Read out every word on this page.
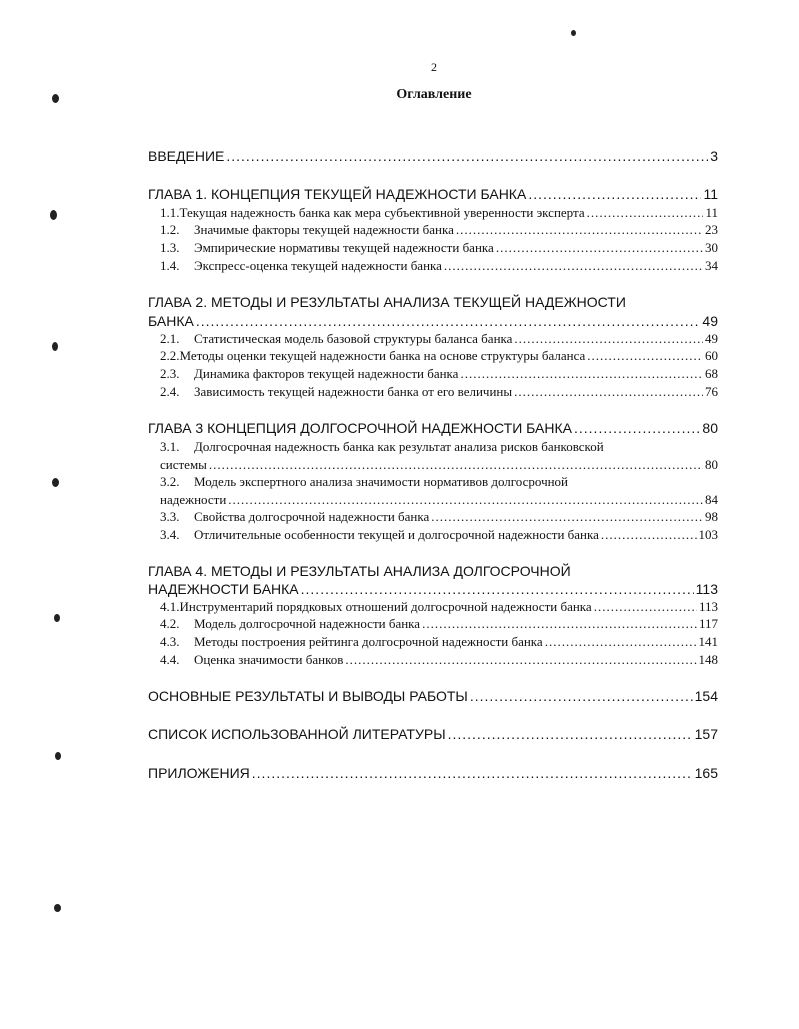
2
Оглавление
ВВЕДЕНИЕ .....	3
ГЛАВА 1. КОНЦЕПЦИЯ ТЕКУЩЕЙ НАДЕЖНОСТИ БАНКА .....	11
1.1.Текущая надежность банка как мера субъективной уверенности эксперта .....	11
1.2. Значимые факторы текущей надежности банка .....	23
1.3. Эмпирические нормативы текущей надежности банка .....	30
1.4. Экспресс-оценка текущей надежности банка .....	34
ГЛАВА 2. МЕТОДЫ И РЕЗУЛЬТАТЫ АНАЛИЗА ТЕКУЩЕЙ НАДЕЖНОСТИ
БАНКА .....	49
2.1. Статистическая модель базовой структуры баланса банка .....	49
2.2.Методы оценки текущей надежности банка на основе структуры баланса .....	60
2.3. Динамика факторов текущей надежности банка .....	68
2.4. Зависимость текущей надежности банка от его величины .....	76
ГЛАВА 3 КОНЦЕПЦИЯ ДОЛГОСРОЧНОЙ НАДЕЖНОСТИ БАНКА .....	80
3.1. Долгосрочная надежность банка как результат анализа рисков банковской
системы .....	80
3.2. Модель экспертного анализа значимости нормативов долгосрочной
надежности .....	84
3.3. Свойства долгосрочной надежности банка .....	98
3.4. Отличительные особенности текущей и долгосрочной надежности банка .....	103
ГЛАВА 4. МЕТОДЫ И РЕЗУЛЬТАТЫ АНАЛИЗА ДОЛГОСРОЧНОЙ
НАДЕЖНОСТИ БАНКА .....	113
4.1.Инструментарий порядковых отношений долгосрочной надежности банка .....	113
4.2. Модель долгосрочной надежности банка .....	117
4.3. Методы построения рейтинга долгосрочной надежности банка .....	141
4.4. Оценка значимости банков .....	148
ОСНОВНЫЕ РЕЗУЛЬТАТЫ И ВЫВОДЫ РАБОТЫ .....	154
СПИСОК ИСПОЛЬЗОВАННОЙ ЛИТЕРАТУРЫ .....	157
ПРИЛОЖЕНИЯ .....	165
